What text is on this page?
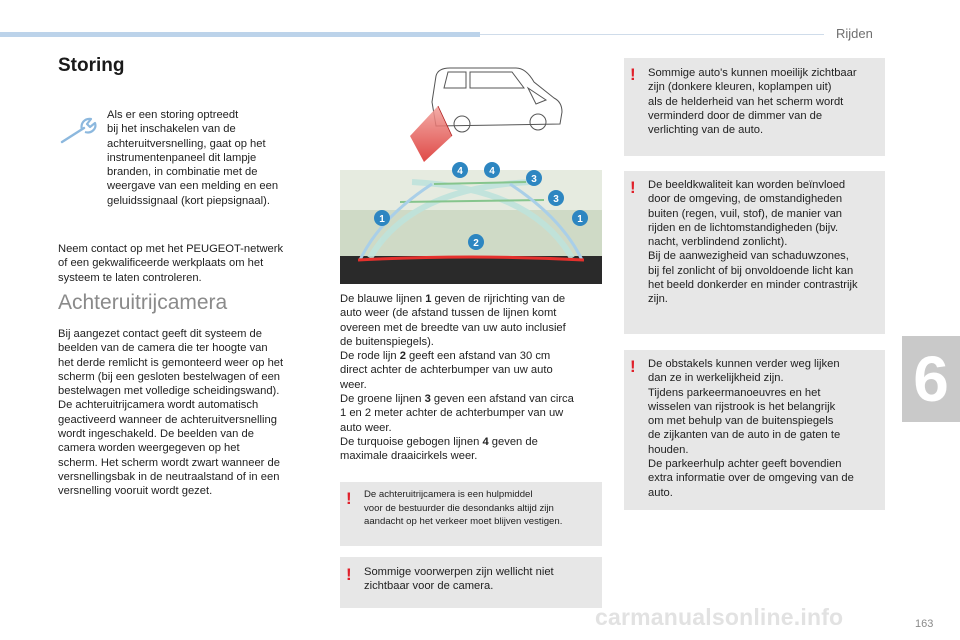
Rijden
6
Storing

Als er een storing optreedt
bij het inschakelen van de
achteruitversnelling, gaat op het
instrumentenpaneel dit lampje
branden, in combinatie met de
weergave van een melding en een
geluidssignaal (kort piepsignaal).

Neem contact op met het PEUGEOT-netwerk
of een gekwalificeerde werkplaats om het
systeem te laten controleren.

Achteruitrijcamera

Bij aangezet contact geeft dit systeem de
beelden van de camera die ter hoogte van
het derde remlicht is gemonteerd weer op het
scherm (bij een gesloten bestelwagen of een
bestelwagen met volledige scheidingswand).
De achteruitrijcamera wordt automatisch
geactiveerd wanneer de achteruitversnelling
wordt ingeschakeld. De beelden van de
camera worden weergegeven op het
scherm. Het scherm wordt zwart wanneer de
versnellingsbak in de neutraalstand of in een
versnelling vooruit wordt gezet.

1	1
2
3
3
4	4
De blauwe lijnen 1 geven de rijrichting van de
auto weer (de afstand tussen de lijnen komt
overeen met de breedte van uw auto inclusief
de buitenspiegels).
De rode lijn 2 geeft een afstand van 30 cm
direct achter de achterbumper van uw auto
weer.
De groene lijnen 3 geven een afstand van circa
1 en 2 meter achter de achterbumper van uw
auto weer.
De turquoise gebogen lijnen 4 geven de
maximale draaicirkels weer.
! De achteruitrijcamera is een hulpmiddel
voor de bestuurder die desondanks altijd zijn
aandacht op het verkeer moet blijven vestigen.

! Sommige voorwerpen zijn wellicht niet
zichtbaar voor de camera.

! Sommige auto's kunnen moeilijk zichtbaar
zijn (donkere kleuren, koplampen uit)
als de helderheid van het scherm wordt
verminderd door de dimmer van de
verlichting van de auto.

! De beeldkwaliteit kan worden beïnvloed
door de omgeving, de omstandigheden
buiten (regen, vuil, stof), de manier van
rijden en de lichtomstandigheden (bijv.
nacht, verblindend zonlicht).
Bij de aanwezigheid van schaduwzones,
bij fel zonlicht of bij onvoldoende licht kan
het beeld donkerder en minder contrastrijk
zijn.

! De obstakels kunnen verder weg lijken
dan ze in werkelijkheid zijn.
Tijdens parkeermanoeuvres en het
wisselen van rijstrook is het belangrijk
om met behulp van de buitenspiegels
de zijkanten van de auto in de gaten te
houden.
De parkeerhulp achter geeft bovendien
extra informatie over de omgeving van de
auto.

carmanualsonline.info	163
